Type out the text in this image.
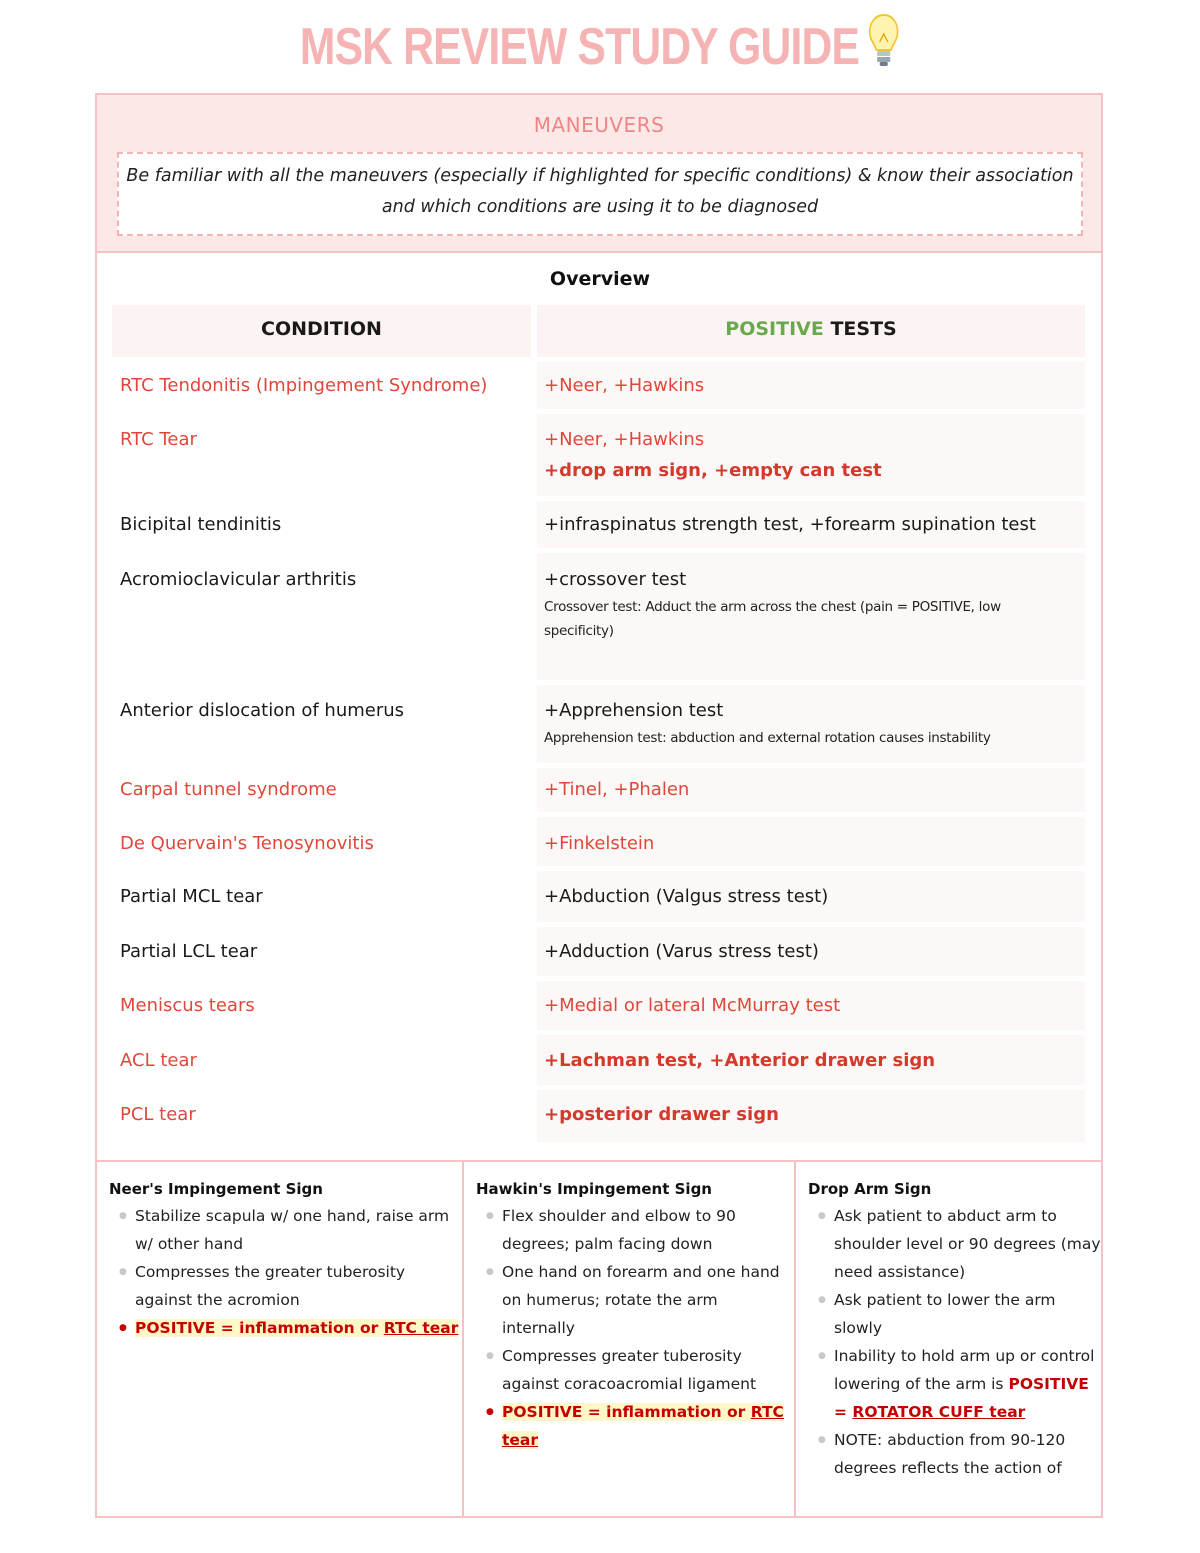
MSK REVIEW STUDY GUIDE
MANEUVERS
Be familiar with all the maneuvers (especially if highlighted for specific conditions) & know their association
and which conditions are using it to be diagnosed
Overview
CONDITION	POSITIVE TESTS
RTC Tendonitis (Impingement Syndrome)	+Neer, +Hawkins
RTC Tear	+Neer, +Hawkins
+drop arm sign, +empty can test
Bicipital tendinitis	+infraspinatus strength test, +forearm supination test
Acromioclavicular arthritis	+crossover test
Crossover test: Adduct the arm across the chest (pain = POSITIVE, low specificity)
Anterior dislocation of humerus	+Apprehension test
Apprehension test: abduction and external rotation causes instability
Carpal tunnel syndrome	+Tinel, +Phalen
De Quervain's Tenosynovitis	+Finkelstein
Partial MCL tear	+Abduction (Valgus stress test)
Partial LCL tear	+Adduction (Varus stress test)
Meniscus tears	+Medial or lateral McMurray test
ACL tear	+Lachman test, +Anterior drawer sign
PCL tear	+posterior drawer sign
Neer's Impingement Sign
● Stabilize scapula w/ one hand, raise arm w/ other hand
● Compresses the greater tuberosity against the acromion
● POSITIVE = inflammation or RTC tear
Hawkin's Impingement Sign
● Flex shoulder and elbow to 90 degrees; palm facing down
● One hand on forearm and one hand on humerus; rotate the arm internally
● Compresses greater tuberosity against coracoacromial ligament
● POSITIVE = inflammation or RTC tear
Drop Arm Sign
● Ask patient to abduct arm to shoulder level or 90 degrees (may need assistance)
● Ask patient to lower the arm slowly
● Inability to hold arm up or control lowering of the arm is POSITIVE = ROTATOR CUFF tear
● NOTE: abduction from 90-120 degrees reflects the action of
